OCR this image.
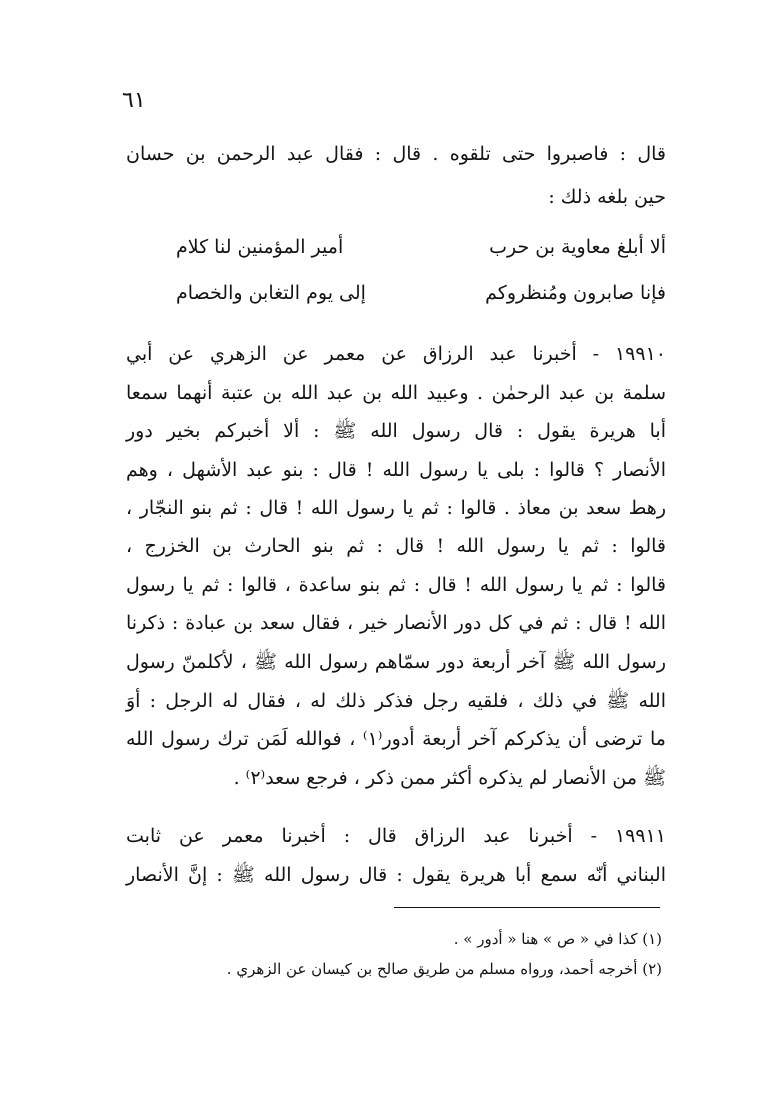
٦١
قال : فاصبروا حتى تلقوه . قال : فقال عبد الرحمن بن حسان
حين بلغه ذلك :
ألا أبلغ معاوية بن حرب
أمير المؤمنين لنا كلام
فإنا صابرون ومُنظروكم
إلى يوم التغابن والخصام
١٩٩١٠ - أخبرنا عبد الرزاق عن معمر عن الزهري عن أبي
سلمة بن عبد الرحمٰن . وعبيد الله بن عبد الله بن عتبة أنهما سمعا
أبا هريرة يقول : قال رسول الله ﷺ : ألا أخبركم بخير دور
الأنصار ؟ قالوا : بلى يا رسول الله ! قال : بنو عبد الأشهل ، وهم
رهط سعد بن معاذ . قالوا : ثم يا رسول الله ! قال : ثم بنو النجّار ،
قالوا : ثم يا رسول الله ! قال : ثم بنو الحارث بن الخزرج ،
قالوا : ثم يا رسول الله ! قال : ثم بنو ساعدة ، قالوا : ثم يا رسول
الله ! قال : ثم في كل دور الأنصار خير ، فقال سعد بن عبادة : ذكرنا
رسول الله ﷺ آخر أربعة دور سمّاهم رسول الله ﷺ ، لأكلمنّ رسول
الله ﷺ في ذلك ، فلقيه رجل فذكر ذلك له ، فقال له الرجل : أوَ
ما ترضى أن يذكركم آخر أربعة أدور⁽١⁾ ، فوالله لَمَن ترك رسول الله
ﷺ من الأنصار لم يذكره أكثر ممن ذكر ، فرجع سعد⁽٢⁾ .
١٩٩١١ - أخبرنا عبد الرزاق قال : أخبرنا معمر عن ثابت
البناني أنّه سمع أبا هريرة يقول : قال رسول الله ﷺ : إنَّ الأنصار
(١) كذا في « ص » هنا « أدور » .
(٢) أخرجه أحمد، ورواه مسلم من طريق صالح بن كيسان عن الزهري .
